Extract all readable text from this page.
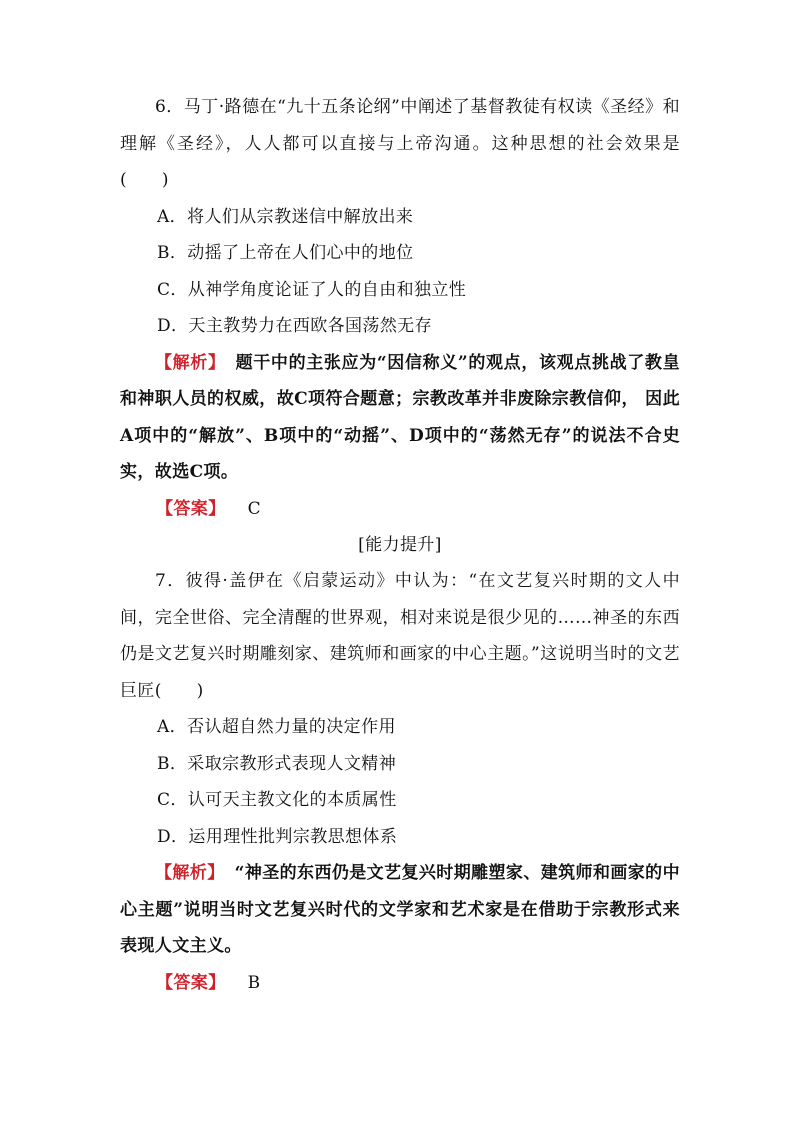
6．马丁·路德在“九十五条论纲”中阐述了基督教徒有权读《圣经》和理解《圣经》，人人都可以直接与上帝沟通。这种思想的社会效果是(　　)

A．将人们从宗教迷信中解放出来

B．动摇了上帝在人们心中的地位

C．从神学角度论证了人的自由和独立性

D．天主教势力在西欧各国荡然无存

【解析】 题干中的主张应为“因信称义”的观点，该观点挑战了教皇和神职人员的权威，故C项符合题意；宗教改革并非废除宗教信仰， 因此A项中的“解放”、B项中的“动摇”、D项中的“荡然无存”的说法不合史实，故选C项。

【答案】 C

[能力提升]

7．彼得·盖伊在《启蒙运动》中认为：“在文艺复兴时期的文人中间，完全世俗、完全清醒的世界观，相对来说是很少见的……神圣的东西仍是文艺复兴时期雕刻家、建筑师和画家的中心主题。”这说明当时的文艺巨匠(　　)

A．否认超自然力量的决定作用

B．采取宗教形式表现人文精神

C．认可天主教文化的本质属性

D．运用理性批判宗教思想体系

【解析】 “神圣的东西仍是文艺复兴时期雕塑家、建筑师和画家的中心主题”说明当时文艺复兴时代的文学家和艺术家是在借助于宗教形式来表现人文主义。

【答案】 B
